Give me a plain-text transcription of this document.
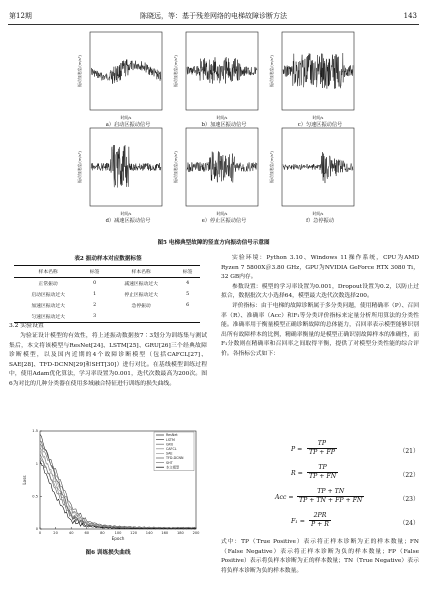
第12期	陈晓远，等：基于残差网络的电梯故障诊断方法	143
振动加速度/(m/s²)
时间/s
振动加速度/(m/s²)
时间/s
振动加速度/(m/s²)
时间/s
振动加速度/(m/s²)
时间/s
振动加速度/(m/s²)
时间/s
振动加速度/(m/s²)
时间/s
a）启动区振动信号	b）加速区振动信号	c）匀速区振动信号
d）减速区振动信号	e）停止区振动信号	f）急停振动
图5 电梯典型故障的竖直方向振动信号示意图
表2 振动样本对应数据标签
样本名称	标签	样本名称	标签
正常振动	0	减速区振动过大	4
启动区振动过大	1	停止区振动过大	5
加速区振动过大	2	急停振动	6
匀速区振动过大	3		
3.2 实验设置

为验证设计模型的有效性，将上述振动数据按7∶3划分为训练集与测试集后，本文将该模型与ResNet[24]、LSTM[25]、GRU[26]三个经典故障诊断模型，以及国内近期的4个故障诊断模型（包括CAFCL[27]、SAE[28]、TFD-DCNN[29]和SHT[30]）进行对比。在基线模型训练过程中，使用Adam优化算法，学习率设置为0.001，迭代次数最高为200次。图6为对比的几种分类器在使用多域融合特征进行训练的损失曲线。

0	20	40	60	80	100 120 140 160 180 200
0
0.5
1
1.5
Epoch
Loss
ResNet
LSTM
GRU
CAFCL
SAE
TFD-DCNN
SHT
本文模型
图6 训练损失曲线

实验环境：Python 3.10、Windows 11操作系统，CPU为AMD Ryzen 7 5800X＠3.80 GHz，GPU为NVIDIA GeForce RTX 3080 Ti，32 GB内存。

参数设置：模型的学习率设置为0.001，Dropout设置为0.2，以防止过拟合，数据批次大小选择64，模型最大迭代次数选择200。

评价指标：由于电梯的故障诊断属于多分类问题，使用精确率（P）、召回率（R）、准确率（Acc）和F₁等分类评价指标来定量分析所用算法的分类性能。准确率用于衡量模型正确诊断故障的总体能力，召回率表示模型能够识别出所有故障样本的比例，精确率衡量的是模型正确识别故障样本的准确性，而F₁分数则在精确率和召回率之间取得平衡，提供了对模型分类性能的综合评价。各指标公式如下：

$P = \frac{TP}{TP + FP}$	（21）
$R = \frac{TP}{TP + FN}$	（22）
Acc = $\frac{TP + TN}{TP + TN + FP + FN}$	（23）
$F_1 = \frac{2PR}{P + R}$	（24）

式中：TP（True Positive）表示将正样本诊断为正的样本数量；FN（False Negative）表示将正样本诊断为负的样本数量；FP（False Positive）表示将负样本诊断为正的样本数量；TN（True Negative）表示将负样本诊断为负的样本数量。
